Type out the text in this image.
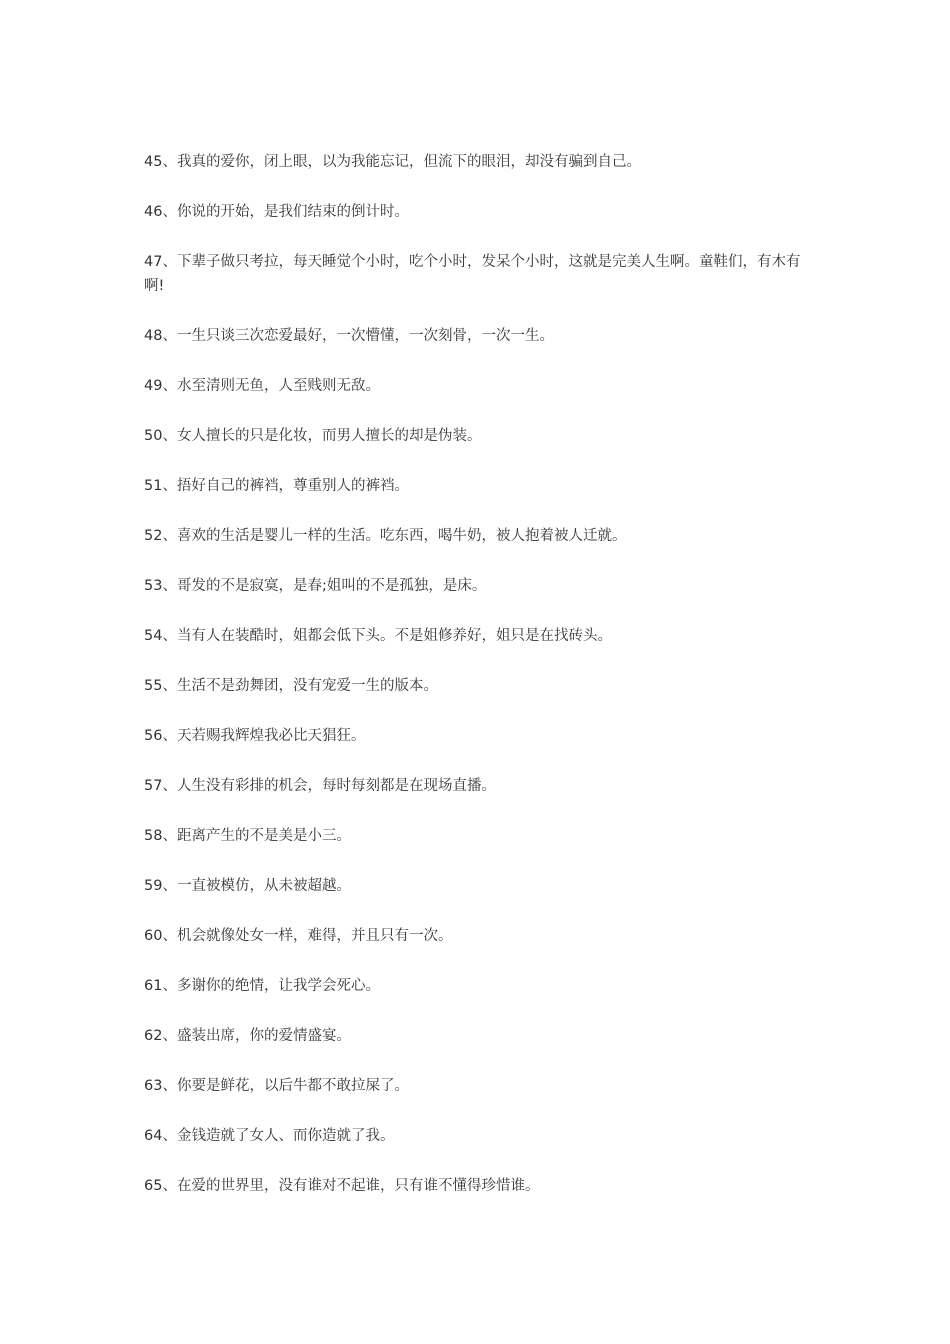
45、我真的爱你，闭上眼，以为我能忘记，但流下的眼泪，却没有骗到自己。

46、你说的开始，是我们结束的倒计时。

47、下辈子做只考拉，每天睡觉个小时，吃个小时，发呆个小时，这就是完美人生啊。童鞋们，有木有啊!

48、一生只谈三次恋爱最好，一次懵懂，一次刻骨，一次一生。

49、水至清则无鱼，人至贱则无敌。

50、女人擅长的只是化妆，而男人擅长的却是伪装。

51、捂好自己的裤裆，尊重别人的裤裆。

52、喜欢的生活是婴儿一样的生活。吃东西，喝牛奶，被人抱着被人迁就。

53、哥发的不是寂寞，是春;姐叫的不是孤独，是床。

54、当有人在装酷时，姐都会低下头。不是姐修养好，姐只是在找砖头。

55、生活不是劲舞团，没有宠爱一生的版本。

56、天若赐我辉煌我必比天猖狂。

57、人生没有彩排的机会，每时每刻都是在现场直播。

58、距离产生的不是美是小三。

59、一直被模仿，从未被超越。

60、机会就像处女一样，难得，并且只有一次。

61、多谢你的绝情，让我学会死心。

62、盛装出席，你的爱情盛宴。

63、你要是鲜花，以后牛都不敢拉屎了。

64、金钱造就了女人、而你造就了我。

65、在爱的世界里，没有谁对不起谁，只有谁不懂得珍惜谁。
